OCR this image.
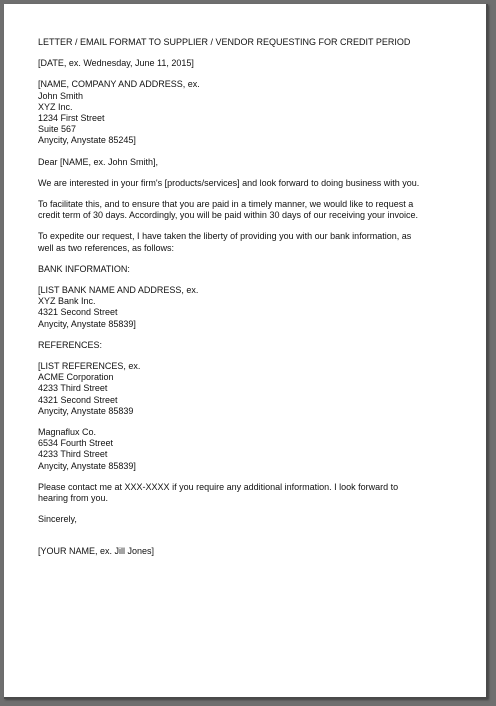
LETTER / EMAIL FORMAT TO SUPPLIER / VENDOR REQUESTING FOR CREDIT PERIOD
[DATE, ex. Wednesday, June 11, 2015]
[NAME, COMPANY AND ADDRESS, ex.
John Smith
XYZ Inc.
1234 First Street
Suite 567
Anycity, Anystate 85245]
Dear [NAME, ex. John Smith],
We are interested in your firm's [products/services] and look forward to doing business with you.
To facilitate this, and to ensure that you are paid in a timely manner, we would like to request a
credit term of 30 days. Accordingly, you will be paid within 30 days of our receiving your invoice.
To expedite our request, I have taken the liberty of providing you with our bank information, as
well as two references, as follows:
BANK INFORMATION:
[LIST BANK NAME AND ADDRESS, ex.
XYZ Bank Inc.
4321 Second Street
Anycity, Anystate 85839]
REFERENCES:
[LIST REFERENCES, ex.
ACME Corporation
4233 Third Street
4321 Second Street
Anycity, Anystate 85839
Magnaflux Co.
6534 Fourth Street
4233 Third Street
Anycity, Anystate 85839]
Please contact me at XXX-XXXX if you require any additional information. I look forward to
hearing from you.
Sincerely,
[YOUR NAME, ex. Jill Jones]
